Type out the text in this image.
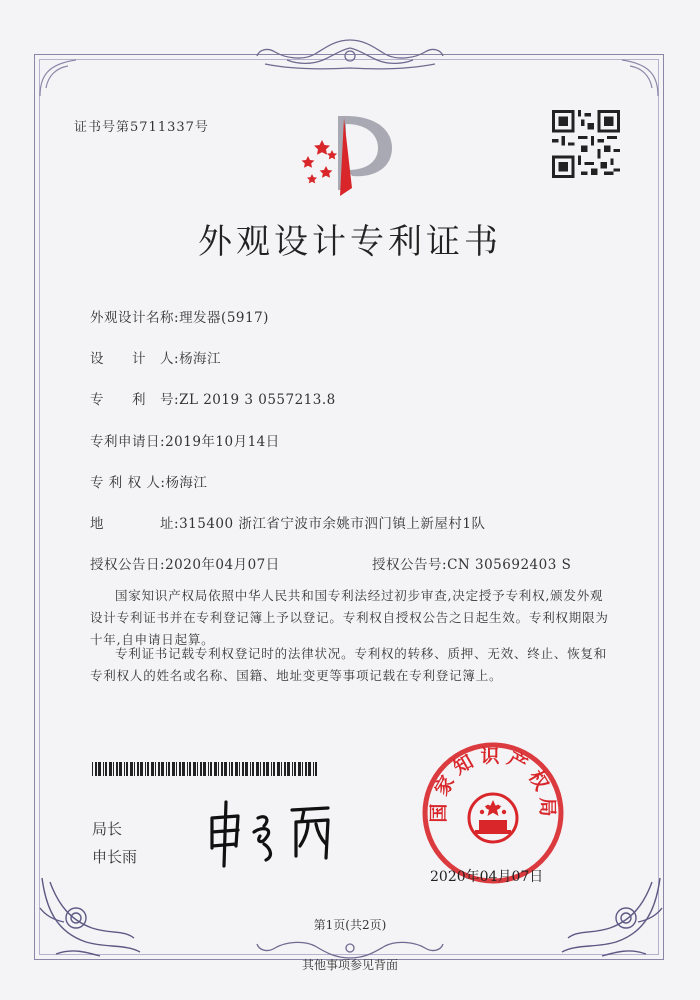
证书号第5711337号
外观设计专利证书
外观设计名称:理发器(5917)
设　　计　人:杨海江
专　　利　号:ZL 2019 3 0557213.8
专利申请日:2019年10月14日
专 利 权 人:杨海江
地　　　　址:315400 浙江省宁波市余姚市泗门镇上新屋村1队
授权公告日:2020年04月07日	授权公告号:CN 305692403 S
国家知识产权局依照中华人民共和国专利法经过初步审查,决定授予专利权,颁发外观设计专利证书并在专利登记簿上予以登记。专利权自授权公告之日起生效。专利权期限为十年,自申请日起算。
专利证书记载专利权登记时的法律状况。专利权的转移、质押、无效、终止、恢复和专利权人的姓名或名称、国籍、地址变更等事项记载在专利登记簿上。
局长
申长雨
国家知识产权局
2020年04月07日
第1页(共2页)
其他事项参见背面
